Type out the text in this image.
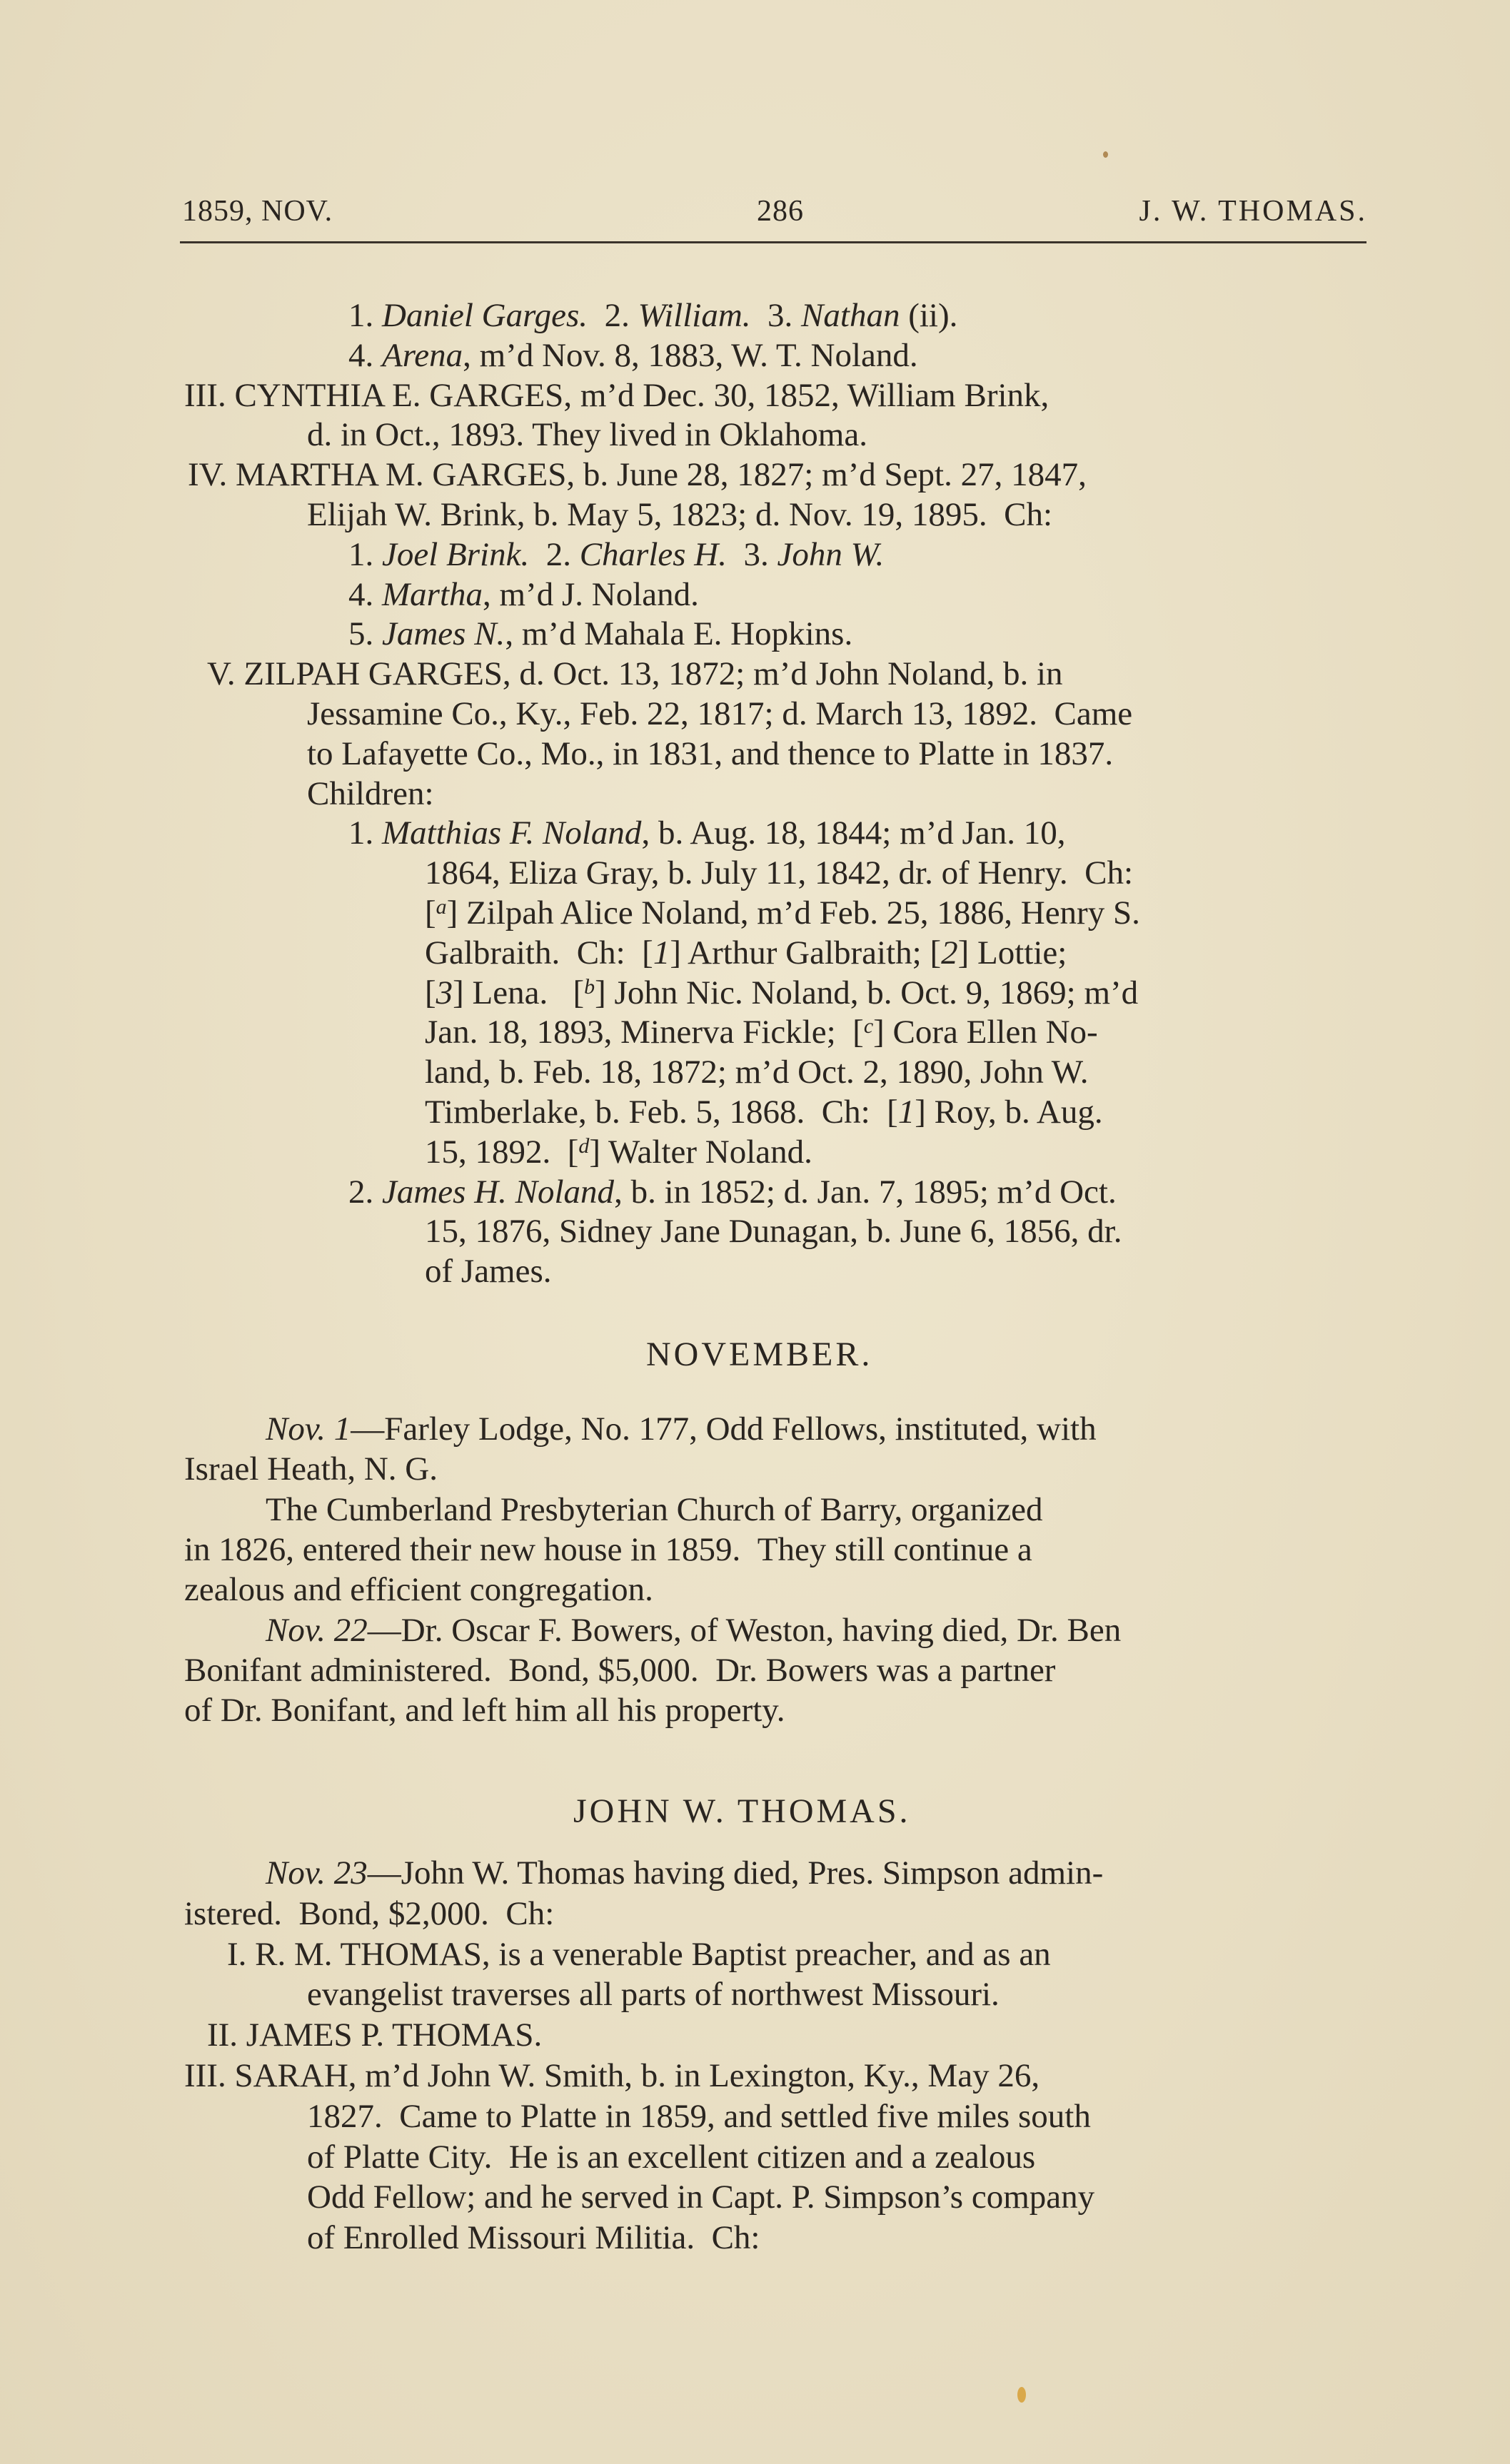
1859, NOV.	286	J. W. THOMAS.
1. Daniel Garges.  2. William.  3. Nathan (ii).
4. Arena, m’d Nov. 8, 1883, W. T. Noland.
III. CYNTHIA E. GARGES, m’d Dec. 30, 1852, William Brink,
d. in Oct., 1893. They lived in Oklahoma.
IV. MARTHA M. GARGES, b. June 28, 1827; m’d Sept. 27, 1847,
Elijah W. Brink, b. May 5, 1823; d. Nov. 19, 1895.  Ch:
1. Joel Brink.  2. Charles H.  3. John W.
4. Martha, m’d J. Noland.
5. James N., m’d Mahala E. Hopkins.
V. ZILPAH GARGES, d. Oct. 13, 1872; m’d John Noland, b. in
Jessamine Co., Ky., Feb. 22, 1817; d. March 13, 1892.  Came
to Lafayette Co., Mo., in 1831, and thence to Platte in 1837.
Children:
1. Matthias F. Noland, b. Aug. 18, 1844; m’d Jan. 10,
1864, Eliza Gray, b. July 11, 1842, dr. of Henry.  Ch:
[$^a$] Zilpah Alice Noland, m’d Feb. 25, 1886, Henry S.
Galbraith.  Ch:  [1] Arthur Galbraith; [2] Lottie;
[3] Lena.   [$^b$] John Nic. Noland, b. Oct. 9, 1869; m’d
Jan. 18, 1893, Minerva Fickle;  [$^c$] Cora Ellen No-
land, b. Feb. 18, 1872; m’d Oct. 2, 1890, John W.
Timberlake, b. Feb. 5, 1868.  Ch:  [1] Roy, b. Aug.
15, 1892.  [$^d$] Walter Noland.
2. James H. Noland, b. in 1852; d. Jan. 7, 1895; m’d Oct.
15, 1876, Sidney Jane Dunagan, b. June 6, 1856, dr.
of James.
NOVEMBER.
Nov. 1—Farley Lodge, No. 177, Odd Fellows, instituted, with
Israel Heath, N. G.
The Cumberland Presbyterian Church of Barry, organized
in 1826, entered their new house in 1859.  They still continue a
zealous and efficient congregation.
Nov. 22—Dr. Oscar F. Bowers, of Weston, having died, Dr. Ben
Bonifant administered.  Bond, $5,000.  Dr. Bowers was a partner
of Dr. Bonifant, and left him all his property.
JOHN W. THOMAS.
Nov. 23—John W. Thomas having died, Pres. Simpson admin-
istered.  Bond, $2,000.  Ch:
I. R. M. THOMAS, is a venerable Baptist preacher, and as an
evangelist traverses all parts of northwest Missouri.
II. JAMES P. THOMAS.
III. SARAH, m’d John W. Smith, b. in Lexington, Ky., May 26,
1827.  Came to Platte in 1859, and settled five miles south
of Platte City.  He is an excellent citizen and a zealous
Odd Fellow; and he served in Capt. P. Simpson’s company
of Enrolled Missouri Militia.  Ch:
